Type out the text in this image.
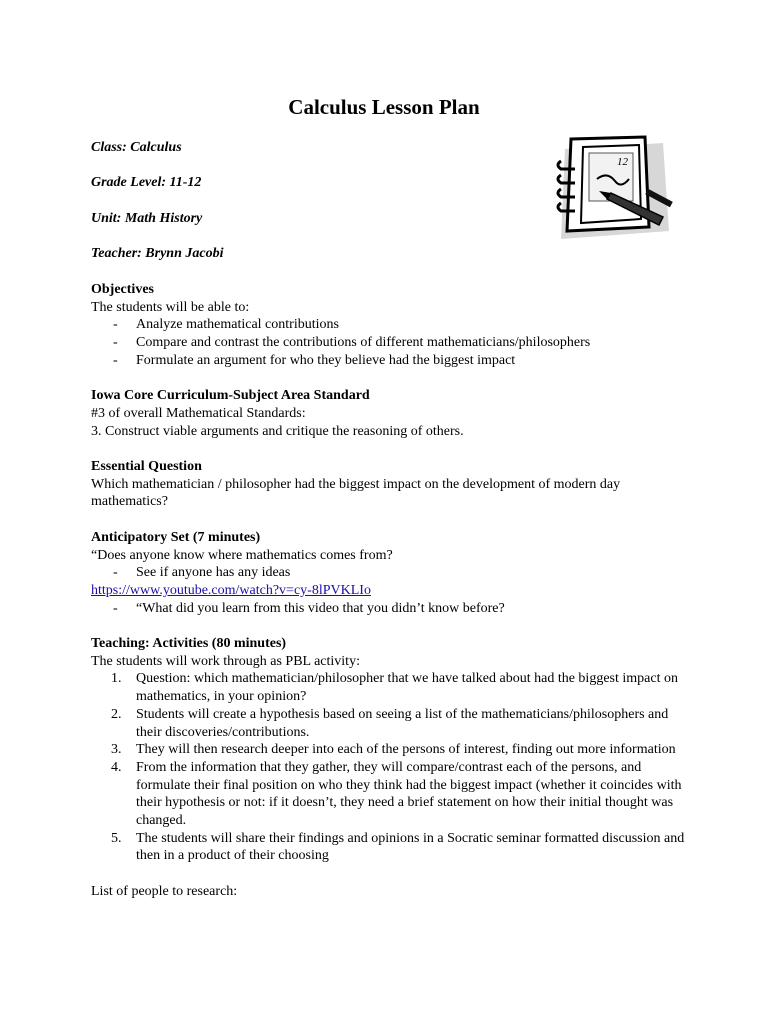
Calculus Lesson Plan
Class: Calculus
Grade Level: 11-12
Unit: Math History
Teacher: Brynn Jacobi
12

Objectives

The students will be able to:

- Analyze mathematical contributions
- Compare and contrast the contributions of different mathematicians/philosophers
- Formulate an argument for who they believe had the biggest impact

Iowa Core Curriculum-Subject Area Standard

#3 of overall Mathematical Standards:

3. Construct viable arguments and critique the reasoning of others.

Essential Question

Which mathematician / philosopher had the biggest impact on the development of modern day mathematics?

Anticipatory Set (7 minutes)

“Does anyone know where mathematics comes from?

- See if anyone has any ideas

https://www.youtube.com/watch?v=cy-8lPVKLIo

- “What did you learn from this video that you didn’t know before?

Teaching: Activities (80 minutes)

The students will work through as PBL activity:

1. Question: which mathematician/philosopher that we have talked about had the biggest impact on mathematics, in your opinion?
2. Students will create a hypothesis based on seeing a list of the mathematicians/philosophers and their discoveries/contributions.
3. They will then research deeper into each of the persons of interest, finding out more information
4. From the information that they gather, they will compare/contrast each of the persons, and formulate their final position on who they think had the biggest impact (whether it coincides with their hypothesis or not: if it doesn’t, they need a brief statement on how their initial thought was changed.
5. The students will share their findings and opinions in a Socratic seminar formatted discussion and then in a product of their choosing

List of people to research:
